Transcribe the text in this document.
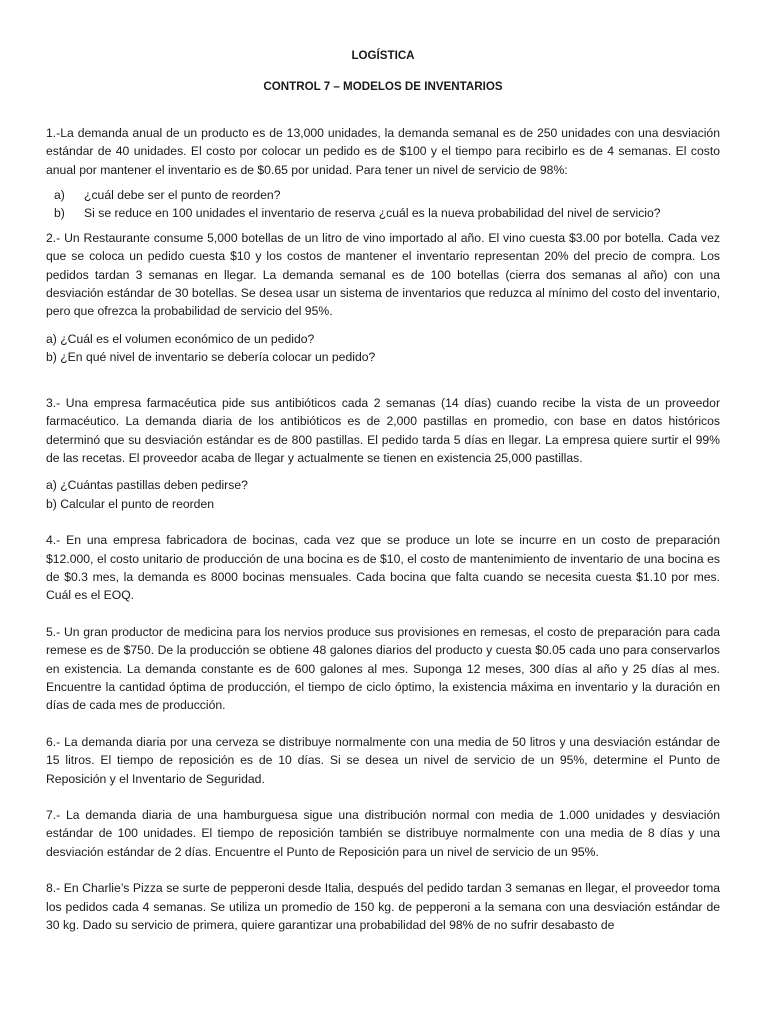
LOGÍSTICA

CONTROL 7 – MODELOS DE INVENTARIOS

1.-La demanda anual de un producto es de 13,000 unidades, la demanda semanal es de 250 unidades con una desviación estándar de 40 unidades. El costo por colocar un pedido es de $100 y el tiempo para recibirlo es de 4 semanas. El costo anual por mantener el inventario es de $0.65 por unidad. Para tener un nivel de servicio de 98%:

a)	¿cuál debe ser el punto de reorden?
b)	Si se reduce en 100 unidades el inventario de reserva ¿cuál es la nueva probabilidad del nivel de servicio?

2.- Un Restaurante consume 5,000 botellas de un litro de vino importado al año. El vino cuesta $3.00 por botella. Cada vez que se coloca un pedido cuesta $10 y los costos de mantener el inventario representan 20% del precio de compra. Los pedidos tardan 3 semanas en llegar. La demanda semanal es de 100 botellas (cierra dos semanas al año) con una desviación estándar de 30 botellas. Se desea usar un sistema de inventarios que reduzca al mínimo del costo del inventario, pero que ofrezca la probabilidad de servicio del 95%.

a) ¿Cuál es el volumen económico de un pedido?

b) ¿En qué nivel de inventario se debería colocar un pedido?

3.- Una empresa farmacéutica pide sus antibióticos cada 2 semanas (14 días) cuando recibe la vista de un proveedor farmacéutico. La demanda diaria de los antibióticos es de 2,000 pastillas en promedio, con base en datos históricos determinó que su desviación estándar es de 800 pastillas. El pedido tarda 5 días en llegar. La empresa quiere surtir el 99% de las recetas. El proveedor acaba de llegar y actualmente se tienen en existencia 25,000 pastillas.

a) ¿Cuántas pastillas deben pedirse?

b) Calcular el punto de reorden

4.- En una empresa fabricadora de bocinas, cada vez que se produce un lote se incurre en un costo de preparación $12.000, el costo unitario de producción de una bocina es de $10, el costo de mantenimiento de inventario de una bocina es de $0.3 mes, la demanda es 8000 bocinas mensuales. Cada bocina que falta cuando se necesita cuesta $1.10 por mes. Cuál es el EOQ.

5.- Un gran productor de medicina para los nervios produce sus provisiones en remesas, el costo de preparación para cada remese es de $750. De la producción se obtiene 48 galones diarios del producto y cuesta $0.05 cada uno para conservarlos en existencia. La demanda constante es de 600 galones al mes. Suponga 12 meses, 300 días al año y 25 días al mes. Encuentre la cantidad óptima de producción, el tiempo de ciclo óptimo, la existencia máxima en inventario y la duración en días de cada mes de producción.

6.- La demanda diaria por una cerveza se distribuye normalmente con una media de 50 litros y una desviación estándar de 15 litros. El tiempo de reposición es de 10 días. Si se desea un nivel de servicio de un 95%, determine el Punto de Reposición y el Inventario de Seguridad.

7.- La demanda diaria de una hamburguesa sigue una distribución normal con media de 1.000 unidades y desviación estándar de 100 unidades. El tiempo de reposición también se distribuye normalmente con una media de 8 días y una desviación estándar de 2 días. Encuentre el Punto de Reposición para un nivel de servicio de un 95%.

8.- En Charlie’s Pizza se surte de pepperoni desde Italia, después del pedido tardan 3 semanas en llegar, el proveedor toma los pedidos cada 4 semanas. Se utiliza un promedio de 150 kg. de pepperoni a la semana con una desviación estándar de 30 kg. Dado su servicio de primera, quiere garantizar una probabilidad del 98% de no sufrir desabasto de
